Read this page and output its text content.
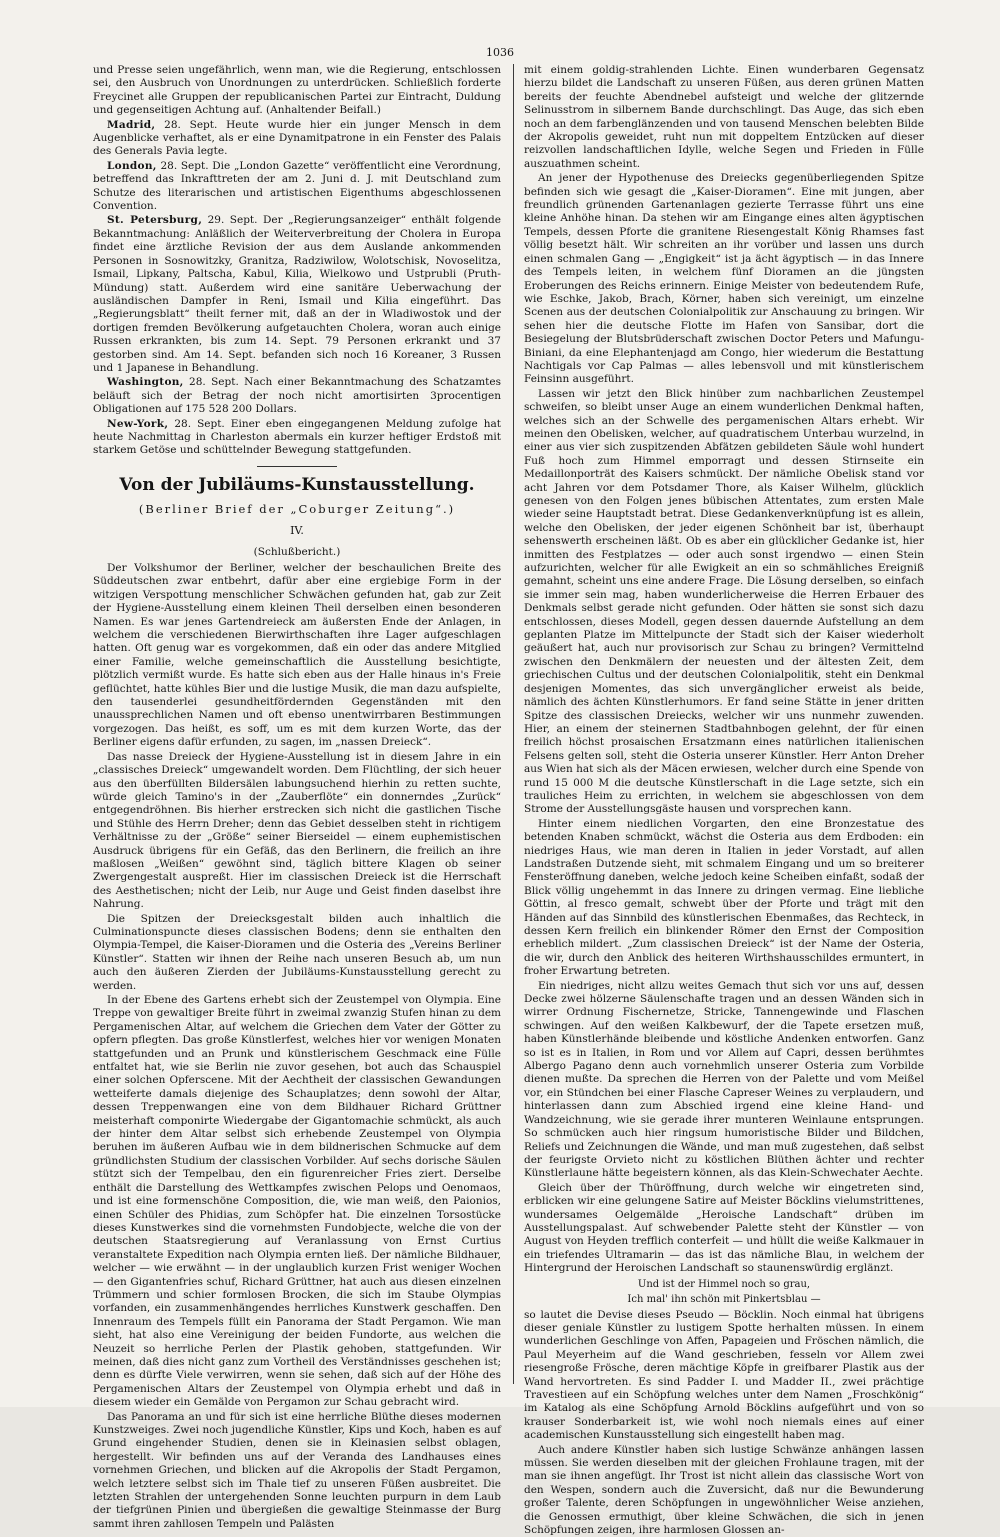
1036

und Presse seien ungefährlich, wenn man, wie die Regierung, entschlossen sei, den Ausbruch von Unordnungen zu unterdrücken. Schließlich forderte Freycinet alle Gruppen der republicanischen Partei zur Eintracht, Duldung und gegenseitigen Achtung auf. (Anhaltender Beifall.)

Madrid, 28. Sept. Heute wurde hier ein junger Mensch in dem Augenblicke verhaftet, als er eine Dynamitpatrone in ein Fenster des Palais des Generals Pavia legte.

London, 28. Sept. Die „London Gazette“ veröffentlicht eine Verordnung, betreffend das Inkrafttreten der am 2. Juni d. J. mit Deutschland zum Schutze des literarischen und artistischen Eigenthums abgeschlossenen Convention.

St. Petersburg, 29. Sept. Der „Regierungsanzeiger“ enthält folgende Bekanntmachung: Anläßlich der Weiterverbreitung der Cholera in Europa findet eine ärztliche Revision der aus dem Auslande ankommenden Personen in Sosnowitzky, Granitza, Radziwilow, Wolotschisk, Novoselitza, Ismail, Lipkany, Paltscha, Kabul, Kilia, Wielkowo und Ustprubli (Pruth-Mündung) statt. Außerdem wird eine sanitäre Ueberwachung der ausländischen Dampfer in Reni, Ismail und Kilia eingeführt. Das „Regierungsblatt“ theilt ferner mit, daß an der in Wladiwostok und der dortigen fremden Bevölkerung aufgetauchten Cholera, woran auch einige Russen erkrankten, bis zum 14. Sept. 79 Personen erkrankt und 37 gestorben sind. Am 14. Sept. befanden sich noch 16 Koreaner, 3 Russen und 1 Japanese in Behandlung.

Washington, 28. Sept. Nach einer Bekanntmachung des Schatzamtes beläuft sich der Betrag der noch nicht amortisirten 3procentigen Obligationen auf 175 528 200 Dollars.

New-York, 28. Sept. Einer eben eingegangenen Meldung zufolge hat heute Nachmittag in Charleston abermals ein kurzer heftiger Erdstoß mit starkem Getöse und schüttelnder Bewegung stattgefunden.

Von der Jubiläums-Kunstausstellung.
(Berliner Brief der „Coburger Zeitung“.)
IV.
(Schlußbericht.)

Der Volkshumor der Berliner, welcher der beschaulichen Breite des Süddeutschen zwar entbehrt, dafür aber eine ergiebige Form in der witzigen Verspottung menschlicher Schwächen gefunden hat, gab zur Zeit der Hygiene-Ausstellung einem kleinen Theil derselben einen besonderen Namen. Es war jenes Gartendreieck am äußersten Ende der Anlagen, in welchem die verschiedenen Bierwirthschaften ihre Lager aufgeschlagen hatten. Oft genug war es vorgekommen, daß ein oder das andere Mitglied einer Familie, welche gemeinschaftlich die Ausstellung besichtigte, plötzlich vermißt wurde. Es hatte sich eben aus der Halle hinaus in's Freie geflüchtet, hatte kühles Bier und die lustige Musik, die man dazu aufspielte, den tausenderlei gesundheitfördernden Gegenständen mit den unaussprechlichen Namen und oft ebenso unentwirrbaren Bestimmungen vorgezogen. Das heißt, es soff, um es mit dem kurzen Worte, das der Berliner eigens dafür erfunden, zu sagen, im „nassen Dreieck“.

Das nasse Dreieck der Hygiene-Ausstellung ist in diesem Jahre in ein „classisches Dreieck“ umgewandelt worden. Dem Flüchtling, der sich heuer aus den überfüllten Bildersälen labungsuchend hierhin zu retten suchte, würde gleich Tamino's in der „Zauberflöte“ ein donnerndes „Zurück“ entgegendröhnen. Bis hierher erstrecken sich nicht die gastlichen Tische und Stühle des Herrn Dreher; denn das Gebiet desselben steht in richtigem Verhältnisse zu der „Größe“ seiner Bierseidel — einem euphemistischen Ausdruck übrigens für ein Gefäß, das den Berlinern, die freilich an ihre maßlosen „Weißen“ gewöhnt sind, täglich bittere Klagen ob seiner Zwergengestalt auspreßt. Hier im classischen Dreieck ist die Herrschaft des Aesthetischen; nicht der Leib, nur Auge und Geist finden daselbst ihre Nahrung.

Die Spitzen der Dreiecksgestalt bilden auch inhaltlich die Culminationspuncte dieses classischen Bodens; denn sie enthalten den Olympia-Tempel, die Kaiser-Dioramen und die Osteria des „Vereins Berliner Künstler“. Statten wir ihnen der Reihe nach unseren Besuch ab, um nun auch den äußeren Zierden der Jubiläums-Kunstausstellung gerecht zu werden.

In der Ebene des Gartens erhebt sich der Zeustempel von Olympia. Eine Treppe von gewaltiger Breite führt in zweimal zwanzig Stufen hinan zu dem Pergamenischen Altar, auf welchem die Griechen dem Vater der Götter zu opfern pflegten. Das große Künstlerfest, welches hier vor wenigen Monaten stattgefunden und an Prunk und künstlerischem Geschmack eine Fülle entfaltet hat, wie sie Berlin nie zuvor gesehen, bot auch das Schauspiel einer solchen Opferscene. Mit der Aechtheit der classischen Gewandungen wetteiferte damals diejenige des Schauplatzes; denn sowohl der Altar, dessen Treppenwangen eine von dem Bildhauer Richard Grüttner meisterhaft componirte Wiedergabe der Gigantomachie schmückt, als auch der hinter dem Altar selbst sich erhebende Zeustempel von Olympia beruhen im äußeren Aufbau wie in dem bildnerischen Schmucke auf dem gründlichsten Studium der classischen Vorbilder. Auf sechs dorische Säulen stützt sich der Tempelbau, den ein figurenreicher Fries ziert. Derselbe enthält die Darstellung des Wettkampfes zwischen Pelops und Oenomaos, und ist eine formenschöne Composition, die, wie man weiß, den Paionios, einen Schüler des Phidias, zum Schöpfer hat. Die einzelnen Torsostücke dieses Kunstwerkes sind die vornehmsten Fundobjecte, welche die von der deutschen Staatsregierung auf Veranlassung von Ernst Curtius veranstaltete Expedition nach Olympia ernten ließ. Der nämliche Bildhauer, welcher — wie erwähnt — in der unglaublich kurzen Frist weniger Wochen — den Gigantenfries schuf, Richard Grüttner, hat auch aus diesen einzelnen Trümmern und schier formlosen Brocken, die sich im Staube Olympias vorfanden, ein zusammenhängendes herrliches Kunstwerk geschaffen. Den Innenraum des Tempels füllt ein Panorama der Stadt Pergamon. Wie man sieht, hat also eine Vereinigung der beiden Fundorte, aus welchen die Neuzeit so herrliche Perlen der Plastik gehoben, stattgefunden. Wir meinen, daß dies nicht ganz zum Vortheil des Verständnisses geschehen ist; denn es dürfte Viele verwirren, wenn sie sehen, daß sich auf der Höhe des Pergamenischen Altars der Zeustempel von Olympia erhebt und daß in diesem wieder ein Gemälde von Pergamon zur Schau gebracht wird.

Das Panorama an und für sich ist eine herrliche Blüthe dieses modernen Kunstzweiges. Zwei noch jugendliche Künstler, Kips und Koch, haben es auf Grund eingehender Studien, denen sie in Kleinasien selbst oblagen, hergestellt. Wir befinden uns auf der Veranda des Landhauses eines vornehmen Griechen, und blicken auf die Akropolis der Stadt Pergamon, welch letztere selbst sich im Thale tief zu unseren Füßen ausbreitet. Die letzten Strahlen der untergehenden Sonne leuchten purpurn in dem Laub der tiefgrünen Pinien und übergießen die gewaltige Steinmasse der Burg sammt ihren zahllosen Tempeln und Palästen

mit einem goldig-strahlenden Lichte. Einen wunderbaren Gegensatz hierzu bildet die Landschaft zu unseren Füßen, aus deren grünen Matten bereits der feuchte Abendnebel aufsteigt und welche der glitzernde Selinusstrom in silbernem Bande durchschlingt. Das Auge, das sich eben noch an dem farbenglänzenden und von tausend Menschen belebten Bilde der Akropolis geweidet, ruht nun mit doppeltem Entzücken auf dieser reizvollen landschaftlichen Idylle, welche Segen und Frieden in Fülle auszuathmen scheint.

An jener der Hypothenuse des Dreiecks gegenüberliegenden Spitze befinden sich wie gesagt die „Kaiser-Dioramen“. Eine mit jungen, aber freundlich grünenden Gartenanlagen gezierte Terrasse führt uns eine kleine Anhöhe hinan. Da stehen wir am Eingange eines alten ägyptischen Tempels, dessen Pforte die granitene Riesengestalt König Rhamses fast völlig besetzt hält. Wir schreiten an ihr vorüber und lassen uns durch einen schmalen Gang — „Engigkeit“ ist ja ächt ägyptisch — in das Innere des Tempels leiten, in welchem fünf Dioramen an die jüngsten Eroberungen des Reichs erinnern. Einige Meister von bedeutendem Rufe, wie Eschke, Jakob, Brach, Körner, haben sich vereinigt, um einzelne Scenen aus der deutschen Colonialpolitik zur Anschauung zu bringen. Wir sehen hier die deutsche Flotte im Hafen von Sansibar, dort die Besiegelung der Blutsbrüderschaft zwischen Doctor Peters und Mafungu-Biniani, da eine Elephantenjagd am Congo, hier wiederum die Bestattung Nachtigals vor Cap Palmas — alles lebensvoll und mit künstlerischem Feinsinn ausgeführt.

Lassen wir jetzt den Blick hinüber zum nachbarlichen Zeustempel schweifen, so bleibt unser Auge an einem wunderlichen Denkmal haften, welches sich an der Schwelle des pergamenischen Altars erhebt. Wir meinen den Obelisken, welcher, auf quadratischem Unterbau wurzelnd, in einer aus vier sich zuspitzenden Abfätzen gebildeten Säule wohl hundert Fuß hoch zum Himmel emporragt und dessen Stirnseite ein Medaillonporträt des Kaisers schmückt. Der nämliche Obelisk stand vor acht Jahren vor dem Potsdamer Thore, als Kaiser Wilhelm, glücklich genesen von den Folgen jenes bübischen Attentates, zum ersten Male wieder seine Hauptstadt betrat. Diese Gedankenverknüpfung ist es allein, welche den Obelisken, der jeder eigenen Schönheit bar ist, überhaupt sehenswerth erscheinen läßt. Ob es aber ein glücklicher Gedanke ist, hier inmitten des Festplatzes — oder auch sonst irgendwo — einen Stein aufzurichten, welcher für alle Ewigkeit an ein so schmähliches Ereigniß gemahnt, scheint uns eine andere Frage. Die Lösung derselben, so einfach sie immer sein mag, haben wunderlicherweise die Herren Erbauer des Denkmals selbst gerade nicht gefunden. Oder hätten sie sonst sich dazu entschlossen, dieses Modell, gegen dessen dauernde Aufstellung an dem geplanten Platze im Mittelpuncte der Stadt sich der Kaiser wiederholt geäußert hat, auch nur provisorisch zur Schau zu bringen? Vermittelnd zwischen den Denkmälern der neuesten und der ältesten Zeit, dem griechischen Cultus und der deutschen Colonialpolitik, steht ein Denkmal desjenigen Momentes, das sich unvergänglicher erweist als beide, nämlich des ächten Künstlerhumors. Er fand seine Stätte in jener dritten Spitze des classischen Dreiecks, welcher wir uns nunmehr zuwenden. Hier, an einem der steinernen Stadtbahnbogen gelehnt, der für einen freilich höchst prosaischen Ersatzmann eines natürlichen italienischen Felsens gelten soll, steht die Osteria unserer Künstler. Herr Anton Dreher aus Wien hat sich als der Mäcen erwiesen, welcher durch eine Spende von rund 15 000 M die deutsche Künstlerschaft in die Lage setzte, sich ein trauliches Heim zu errichten, in welchem sie abgeschlossen von dem Strome der Ausstellungsgäste hausen und vorsprechen kann.

Hinter einem niedlichen Vorgarten, den eine Bronzestatue des betenden Knaben schmückt, wächst die Osteria aus dem Erdboden: ein niedriges Haus, wie man deren in Italien in jeder Vorstadt, auf allen Landstraßen Dutzende sieht, mit schmalem Eingang und um so breiterer Fensteröffnung daneben, welche jedoch keine Scheiben einfaßt, sodaß der Blick völlig ungehemmt in das Innere zu dringen vermag. Eine liebliche Göttin, al fresco gemalt, schwebt über der Pforte und trägt mit den Händen auf das Sinnbild des künstlerischen Ebenmaßes, das Rechteck, in dessen Kern freilich ein blinkender Römer den Ernst der Composition erheblich mildert. „Zum classischen Dreieck“ ist der Name der Osteria, die wir, durch den Anblick des heiteren Wirthshausschildes ermuntert, in froher Erwartung betreten.

Ein niedriges, nicht allzu weites Gemach thut sich vor uns auf, dessen Decke zwei hölzerne Säulenschafte tragen und an dessen Wänden sich in wirrer Ordnung Fischernetze, Stricke, Tannengewinde und Flaschen schwingen. Auf den weißen Kalkbewurf, der die Tapete ersetzen muß, haben Künstlerhände bleibende und köstliche Andenken entworfen. Ganz so ist es in Italien, in Rom und vor Allem auf Capri, dessen berühmtes Albergo Pagano denn auch vornehmlich unserer Osteria zum Vorbilde dienen mußte. Da sprechen die Herren von der Palette und vom Meißel vor, ein Stündchen bei einer Flasche Capreser Weines zu verplaudern, und hinterlassen dann zum Abschied irgend eine kleine Hand- und Wandzeichnung, wie sie gerade ihrer munteren Weinlaune entsprungen. So schmücken auch hier ringsum humoristische Bilder und Bildchen, Reliefs und Zeichnungen die Wände, und man muß zugestehen, daß selbst der feurigste Orvieto nicht zu köstlichen Blüthen ächter und rechter Künstlerlaune hätte begeistern können, als das Klein-Schwechater Aechte.

Gleich über der Thüröffnung, durch welche wir eingetreten sind, erblicken wir eine gelungene Satire auf Meister Böcklins vielumstrittenes, wundersames Oelgemälde „Heroische Landschaft“ drüben im Ausstellungspalast. Auf schwebender Palette steht der Künstler — von August von Heyden trefflich conterfeit — und hüllt die weiße Kalkmauer in ein triefendes Ultramarin — das ist das nämliche Blau, in welchem der Hintergrund der Heroischen Landschaft so staunenswürdig erglänzt.

Und ist der Himmel noch so grau,
Ich mal' ihn schön mit Pinkertsblau —

so lautet die Devise dieses Pseudo — Böcklin. Noch einmal hat übrigens dieser geniale Künstler zu lustigem Spotte herhalten müssen. In einem wunderlichen Geschlinge von Affen, Papageien und Fröschen nämlich, die Paul Meyerheim auf die Wand geschrieben, fesseln vor Allem zwei riesengroße Frösche, deren mächtige Köpfe in greifbarer Plastik aus der Wand hervortreten. Es sind Padder I. und Madder II., zwei prächtige Travestieen auf ein Schöpfung welches unter dem Namen „Froschkönig“ im Katalog als eine Schöpfung Arnold Böcklins aufgeführt und von so krauser Sonderbarkeit ist, wie wohl noch niemals eines auf einer academischen Kunstausstellung sich eingestellt haben mag.

Auch andere Künstler haben sich lustige Schwänze anhängen lassen müssen. Sie werden dieselben mit der gleichen Frohlaune tragen, mit der man sie ihnen angefügt. Ihr Trost ist nicht allein das classische Wort von den Wespen, sondern auch die Zuversicht, daß nur die Bewunderung großer Talente, deren Schöpfungen in ungewöhnlicher Weise anziehen, die Genossen ermuthigt, über kleine Schwächen, die sich in jenen Schöpfungen zeigen, ihre harmlosen Glossen an-
